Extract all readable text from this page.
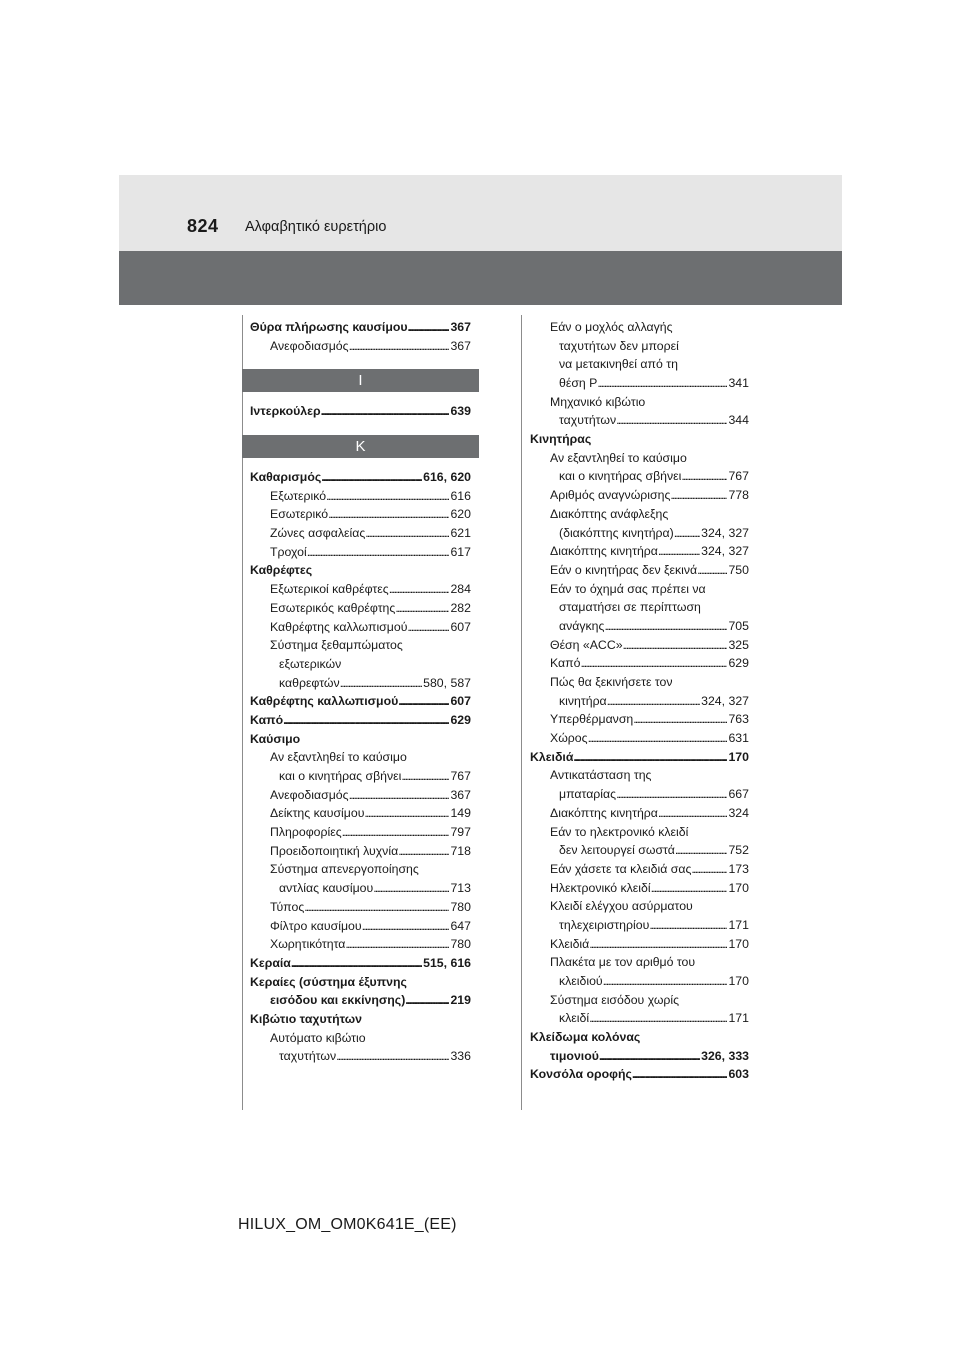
824 Αλφαβητικό ευρετήριο
Θύρα πλήρωσης καυσίμου . . .	367
Ανεφοδιασμός . . .	367
Ι
Ιντερκούλερ . . .	639
Κ
Καθαρισμός . . .	616, 620
Εξωτερικό . . .	616
Εσωτερικό . . .	620
Ζώνες ασφαλείας . . .	621
Τροχοί . . .	617
Καθρέφτες
Εξωτερικοί καθρέφτες . . .	284
Εσωτερικός καθρέφτης . . .	282
Καθρέφτης καλλωπισμού . . .	607
Σύστημα ξεθαμπώματος
εξωτερικών
καθρεφτών . . .	580, 587
Καθρέφτης καλλωπισμού . . .	607
Καπό . . .	629
Καύσιμο
Αν εξαντληθεί το καύσιμο
και ο κινητήρας σβήνει . . .	767
Ανεφοδιασμός . . .	367
Δείκτης καυσίμου . . .	149
Πληροφορίες . . .	797
Προειδοποιητική λυχνία . . .	718
Σύστημα απενεργοποίησης
αντλίας καυσίμου . . .	713
Τύπος . . .	780
Φίλτρο καυσίμου . . .	647
Χωρητικότητα . . .	780
Κεραία . . .	515, 616
Κεραίες (σύστημα έξυπνης
εισόδου και εκκίνησης) . . .	219
Κιβώτιο ταχυτήτων
Αυτόματο κιβώτιο
ταχυτήτων . . .	336
Εάν ο μοχλός αλλαγής
ταχυτήτων δεν μπορεί
να μετακινηθεί από τη
θέση P . . .	341
Μηχανικό κιβώτιο
ταχυτήτων . . .	344
Κινητήρας
Αν εξαντληθεί το καύσιμο
και ο κινητήρας σβήνει . . .	767
Αριθμός αναγνώρισης . . .	778
Διακόπτης ανάφλεξης
(διακόπτης κινητήρα) . . . 324, 327
Διακόπτης κινητήρα . . .	324, 327
Εάν ο κινητήρας δεν ξεκινά . . .	750
Εάν το όχημά σας πρέπει να
σταματήσει σε περίπτωση
ανάγκης . . .	705
Θέση «ACC» . . .	325
Καπό . . .	629
Πώς θα ξεκινήσετε τον
κινητήρα . . .	324, 327
Υπερθέρμανση . . .	763
Χώρος . . .	631
Κλειδιά . . .	170
Αντικατάσταση της
μπαταρίας . . .	667
Διακόπτης κινητήρα . . .	324
Εάν το ηλεκτρονικό κλειδί
δεν λειτουργεί σωστά . . .	752
Εάν χάσετε τα κλειδιά σας . . .	173
Ηλεκτρονικό κλειδί . . .	170
Κλειδί ελέγχου ασύρματου
τηλεχειριστηρίου . . .	171
Κλειδιά . . .	170
Πλακέτα με τον αριθμό του
κλειδιού . . .	170
Σύστημα εισόδου χωρίς
κλειδί . . .	171
Κλείδωμα κολόνας
τιμονιού . . .	326, 333
Κονσόλα οροφής . . .	603
HILUX_OM_OM0K641E_(EE)
